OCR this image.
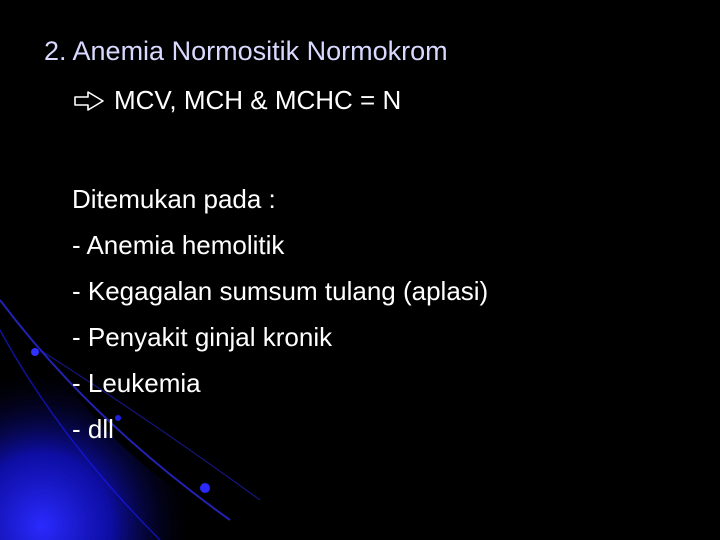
2. Anemia Normositik Normokrom
MCV, MCH & MCHC = N
Ditemukan pada :
- Anemia hemolitik
- Kegagalan sumsum tulang (aplasi)
- Penyakit ginjal kronik
- Leukemia
- dll
